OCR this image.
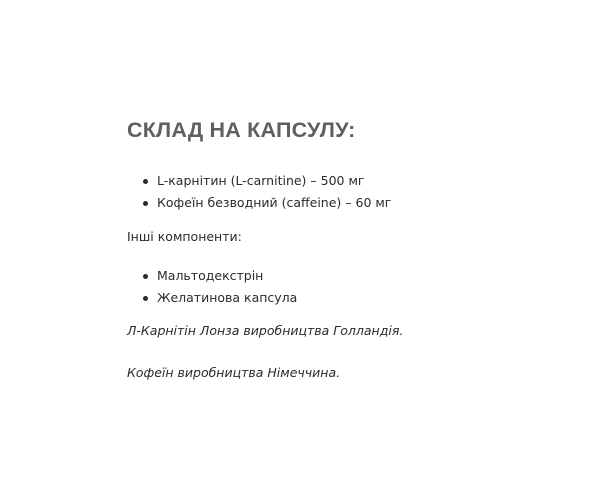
СКЛАД НА КАПСУЛУ:
L-карнітин (L-carnitine) – 500 мг
Кофеїн безводний (caffeine) – 60 мг

Інші компоненти:

Мальтодекстрін
Желатинова капсула

Л-Карнітін Лонза виробництва Голландія.

Кофеїн виробництва Німеччина.
